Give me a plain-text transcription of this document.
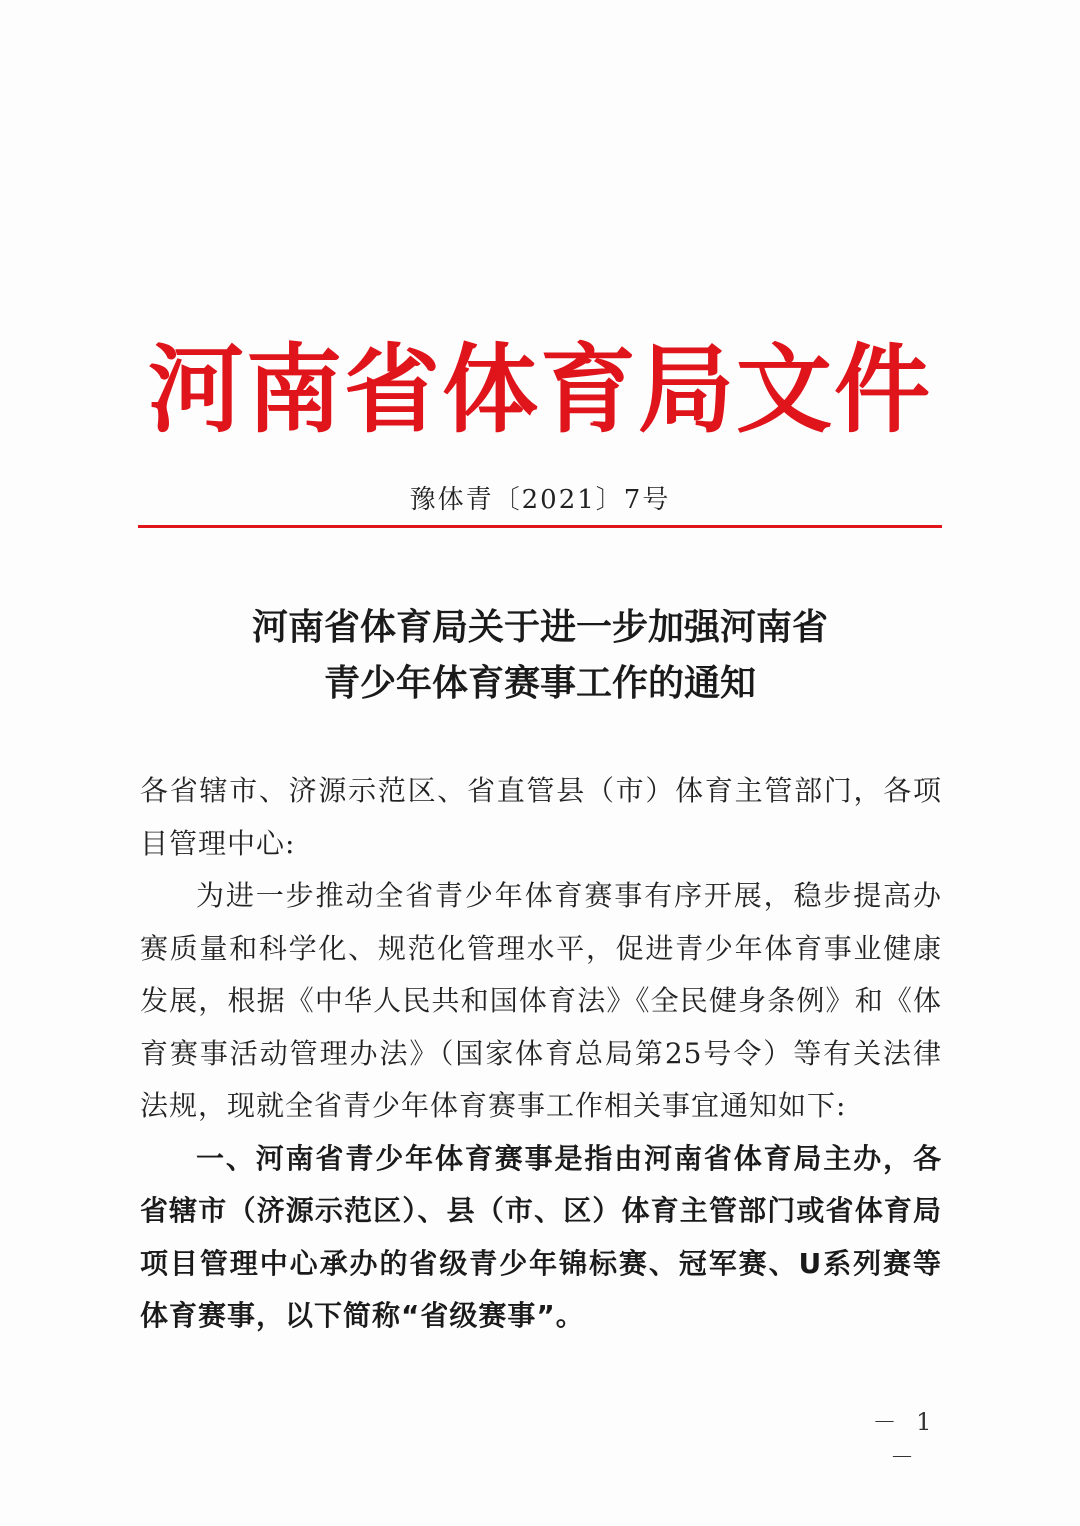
河南省体育局文件
豫体青〔2021〕7号
河南省体育局关于进一步加强河南省
青少年体育赛事工作的通知

各省辖市、济源示范区、省直管县（市）体育主管部门，各项目管理中心:

为进一步推动全省青少年体育赛事有序开展，稳步提高办赛质量和科学化、规范化管理水平，促进青少年体育事业健康发展，根据《中华人民共和国体育法》《全民健身条例》和《体育赛事活动管理办法》（国家体育总局第25号令）等有关法律法规，现就全省青少年体育赛事工作相关事宜通知如下:

一、河南省青少年体育赛事是指由河南省体育局主办，各省辖市（济源示范区）、县（市、区）体育主管部门或省体育局项目管理中心承办的省级青少年锦标赛、冠军赛、U系列赛等体育赛事，以下简称“省级赛事”。

－ 1 －
